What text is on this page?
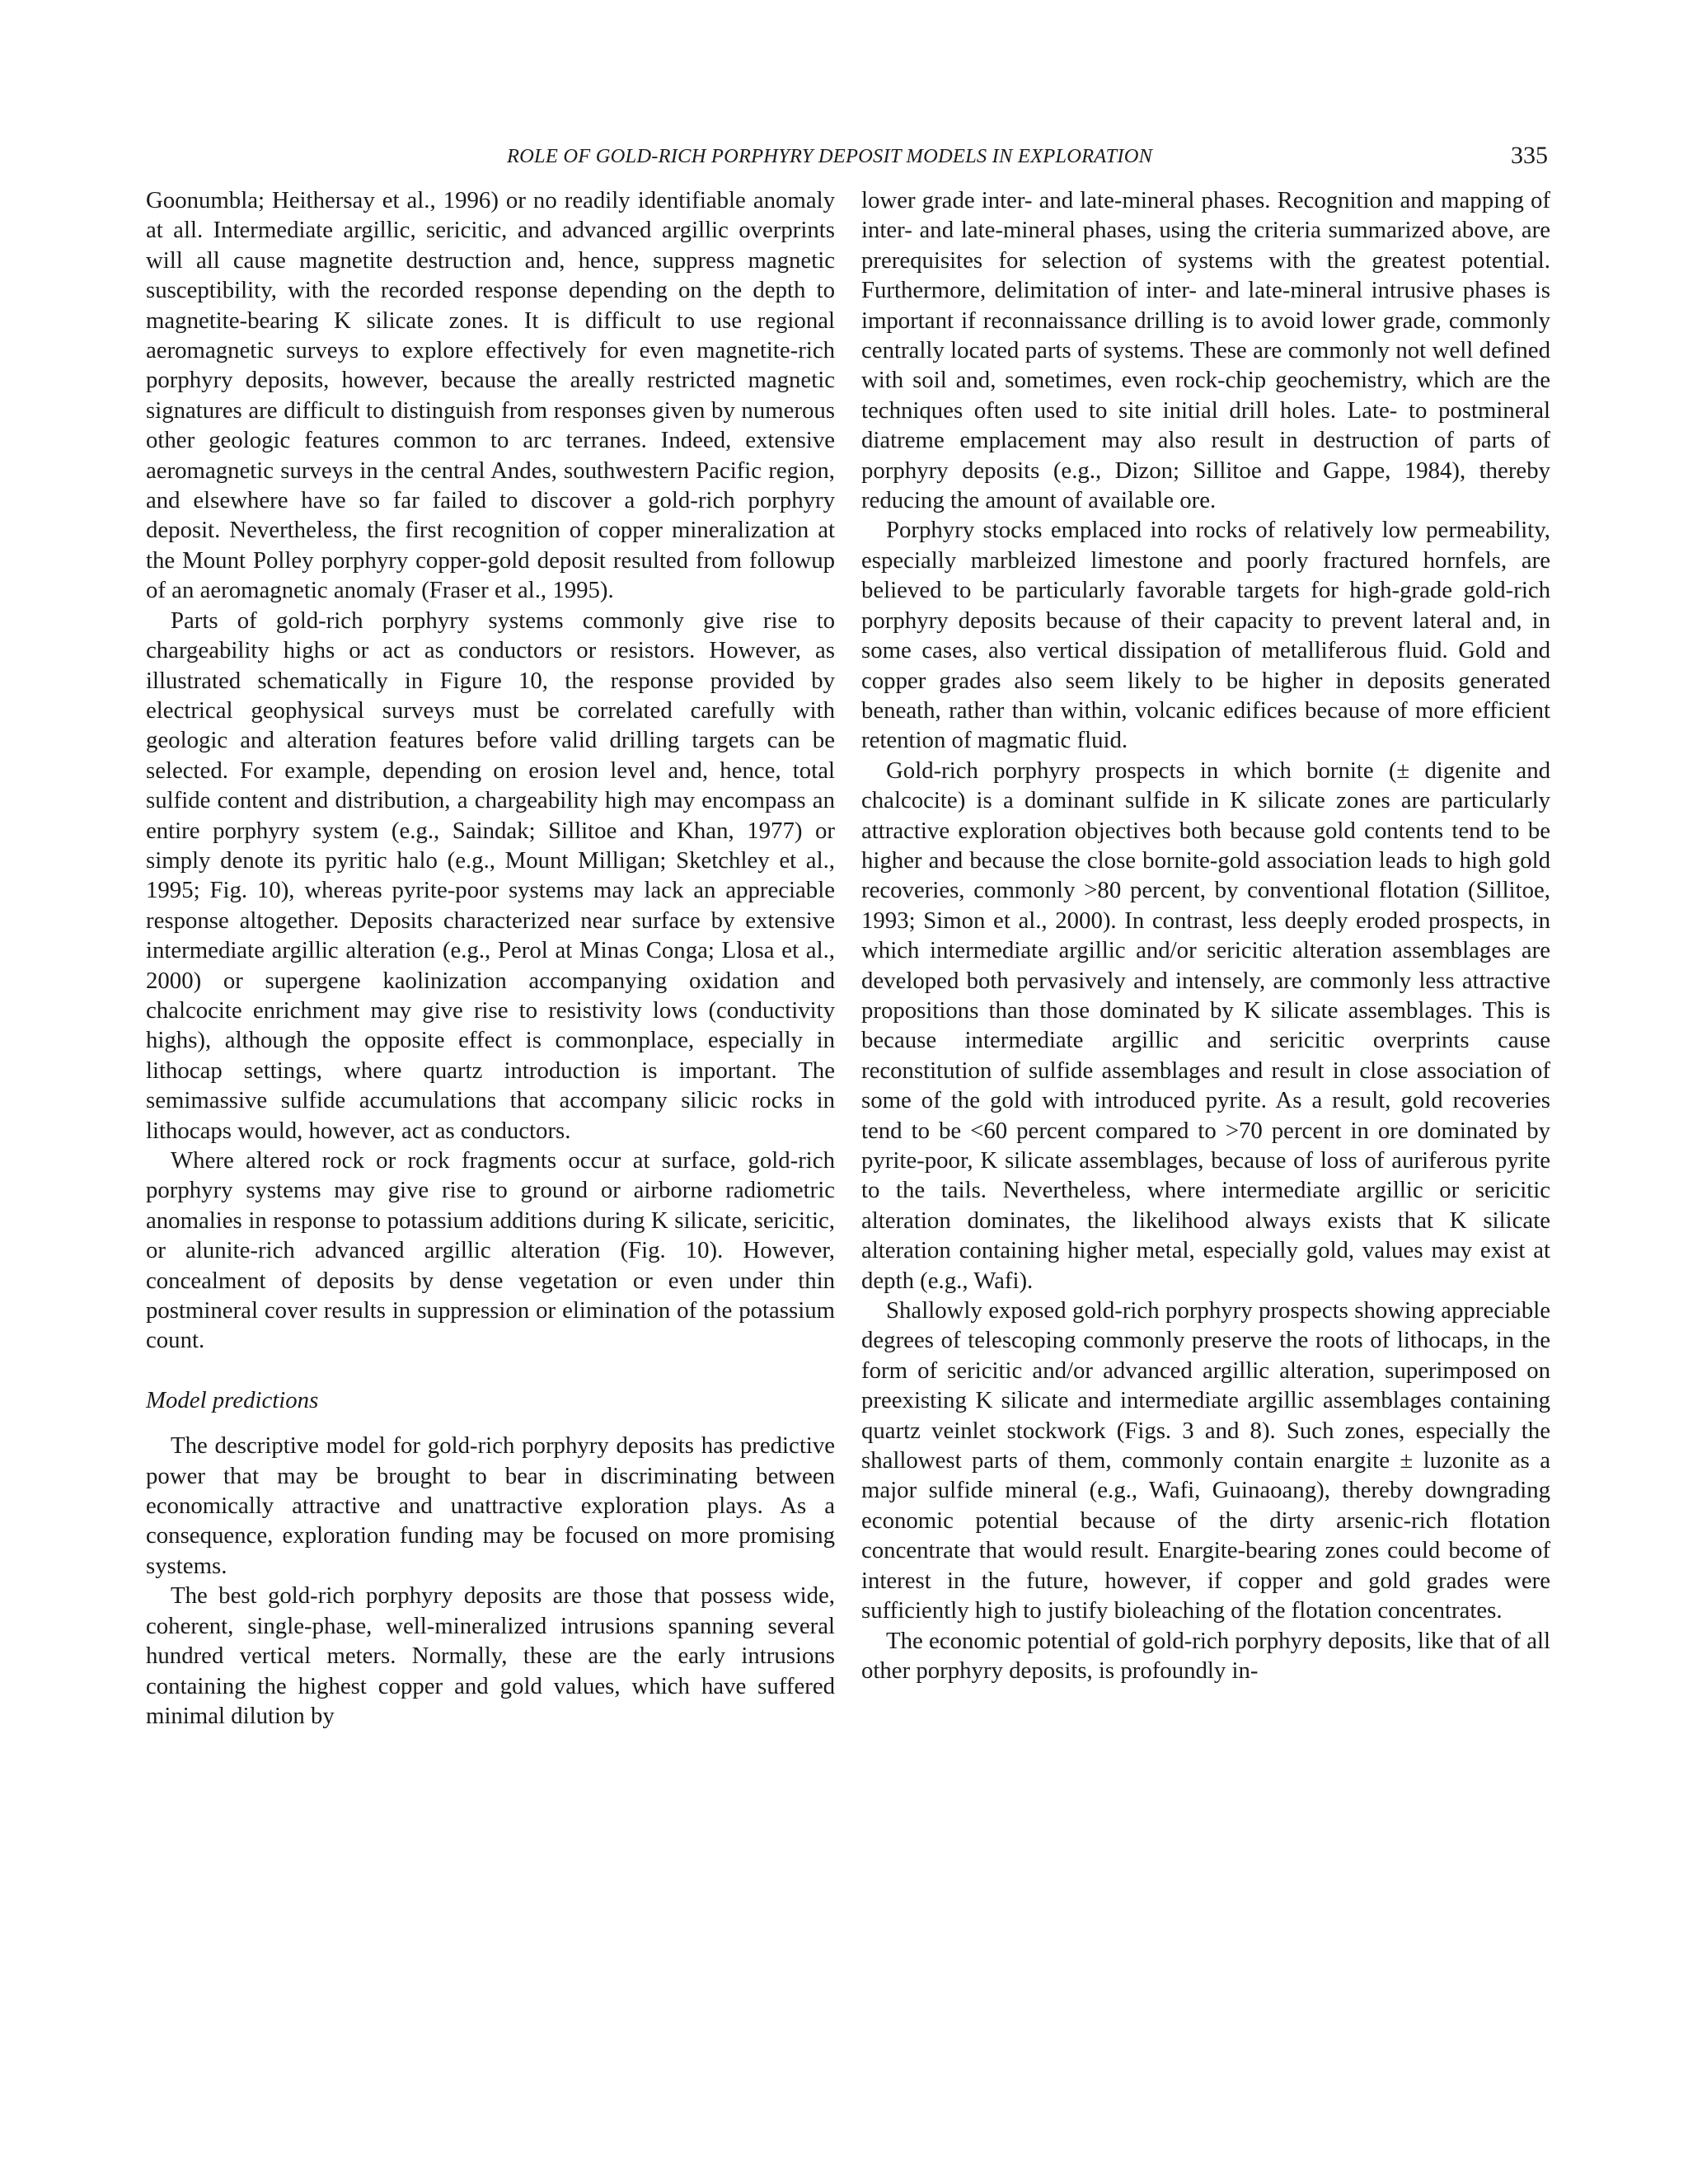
ROLE OF GOLD-RICH PORPHYRY DEPOSIT MODELS IN EXPLORATION	335

Goonumbla; Heithersay et al., 1996) or no readily identifiable anomaly at all. Intermediate argillic, sericitic, and advanced argillic overprints will all cause magnetite destruction and, hence, suppress magnetic susceptibility, with the recorded response depending on the depth to magnetite-bearing K silicate zones. It is difficult to use regional aeromagnetic surveys to explore effectively for even magnetite-rich porphyry deposits, however, because the areally restricted magnetic signatures are difficult to distinguish from responses given by numerous other geologic features common to arc terranes. Indeed, extensive aeromagnetic surveys in the central Andes, southwestern Pacific region, and elsewhere have so far failed to discover a gold-rich porphyry deposit. Nevertheless, the first recognition of copper mineralization at the Mount Polley porphyry copper-gold deposit resulted from followup of an aeromagnetic anomaly (Fraser et al., 1995).

Parts of gold-rich porphyry systems commonly give rise to chargeability highs or act as conductors or resistors. However, as illustrated schematically in Figure 10, the response provided by electrical geophysical surveys must be correlated carefully with geologic and alteration features before valid drilling targets can be selected. For example, depending on erosion level and, hence, total sulfide content and distribution, a chargeability high may encompass an entire porphyry system (e.g., Saindak; Sillitoe and Khan, 1977) or simply denote its pyritic halo (e.g., Mount Milligan; Sketchley et al., 1995; Fig. 10), whereas pyrite-poor systems may lack an appreciable response altogether. Deposits characterized near surface by extensive intermediate argillic alteration (e.g., Perol at Minas Conga; Llosa et al., 2000) or supergene kaolinization accompanying oxidation and chalcocite enrichment may give rise to resistivity lows (conductivity highs), although the opposite effect is commonplace, especially in lithocap settings, where quartz introduction is important. The semimassive sulfide accumulations that accompany silicic rocks in lithocaps would, however, act as conductors.

Where altered rock or rock fragments occur at surface, gold-rich porphyry systems may give rise to ground or airborne radiometric anomalies in response to potassium additions during K silicate, sericitic, or alunite-rich advanced argillic alteration (Fig. 10). However, concealment of deposits by dense vegetation or even under thin postmineral cover results in suppression or elimination of the potassium count.

Model predictions

The descriptive model for gold-rich porphyry deposits has predictive power that may be brought to bear in discriminating between economically attractive and unattractive exploration plays. As a consequence, exploration funding may be focused on more promising systems.

The best gold-rich porphyry deposits are those that possess wide, coherent, single-phase, well-mineralized intrusions spanning several hundred vertical meters. Normally, these are the early intrusions containing the highest copper and gold values, which have suffered minimal dilution by

lower grade inter- and late-mineral phases. Recognition and mapping of inter- and late-mineral phases, using the criteria summarized above, are prerequisites for selection of systems with the greatest potential. Furthermore, delimitation of inter- and late-mineral intrusive phases is important if reconnaissance drilling is to avoid lower grade, commonly centrally located parts of systems. These are commonly not well defined with soil and, sometimes, even rock-chip geochemistry, which are the techniques often used to site initial drill holes. Late- to postmineral diatreme emplacement may also result in destruction of parts of porphyry deposits (e.g., Dizon; Sillitoe and Gappe, 1984), thereby reducing the amount of available ore.

Porphyry stocks emplaced into rocks of relatively low permeability, especially marbleized limestone and poorly fractured hornfels, are believed to be particularly favorable targets for high-grade gold-rich porphyry deposits because of their capacity to prevent lateral and, in some cases, also vertical dissipation of metalliferous fluid. Gold and copper grades also seem likely to be higher in deposits generated beneath, rather than within, volcanic edifices because of more efficient retention of magmatic fluid.

Gold-rich porphyry prospects in which bornite (± digenite and chalcocite) is a dominant sulfide in K silicate zones are particularly attractive exploration objectives both because gold contents tend to be higher and because the close bornite-gold association leads to high gold recoveries, commonly >80 percent, by conventional flotation (Sillitoe, 1993; Simon et al., 2000). In contrast, less deeply eroded prospects, in which intermediate argillic and/or sericitic alteration assemblages are developed both pervasively and intensely, are commonly less attractive propositions than those dominated by K silicate assemblages. This is because intermediate argillic and sericitic overprints cause reconstitution of sulfide assemblages and result in close association of some of the gold with introduced pyrite. As a result, gold recoveries tend to be <60 percent compared to >70 percent in ore dominated by pyrite-poor, K silicate assemblages, because of loss of auriferous pyrite to the tails. Nevertheless, where intermediate argillic or sericitic alteration dominates, the likelihood always exists that K silicate alteration containing higher metal, especially gold, values may exist at depth (e.g., Wafi).

Shallowly exposed gold-rich porphyry prospects showing appreciable degrees of telescoping commonly preserve the roots of lithocaps, in the form of sericitic and/or advanced argillic alteration, superimposed on preexisting K silicate and intermediate argillic assemblages containing quartz veinlet stockwork (Figs. 3 and 8). Such zones, especially the shallowest parts of them, commonly contain enargite ± luzonite as a major sulfide mineral (e.g., Wafi, Guinaoang), thereby downgrading economic potential because of the dirty arsenic-rich flotation concentrate that would result. Enargite-bearing zones could become of interest in the future, however, if copper and gold grades were sufficiently high to justify bioleaching of the flotation concentrates.

The economic potential of gold-rich porphyry deposits, like that of all other porphyry deposits, is profoundly in-
